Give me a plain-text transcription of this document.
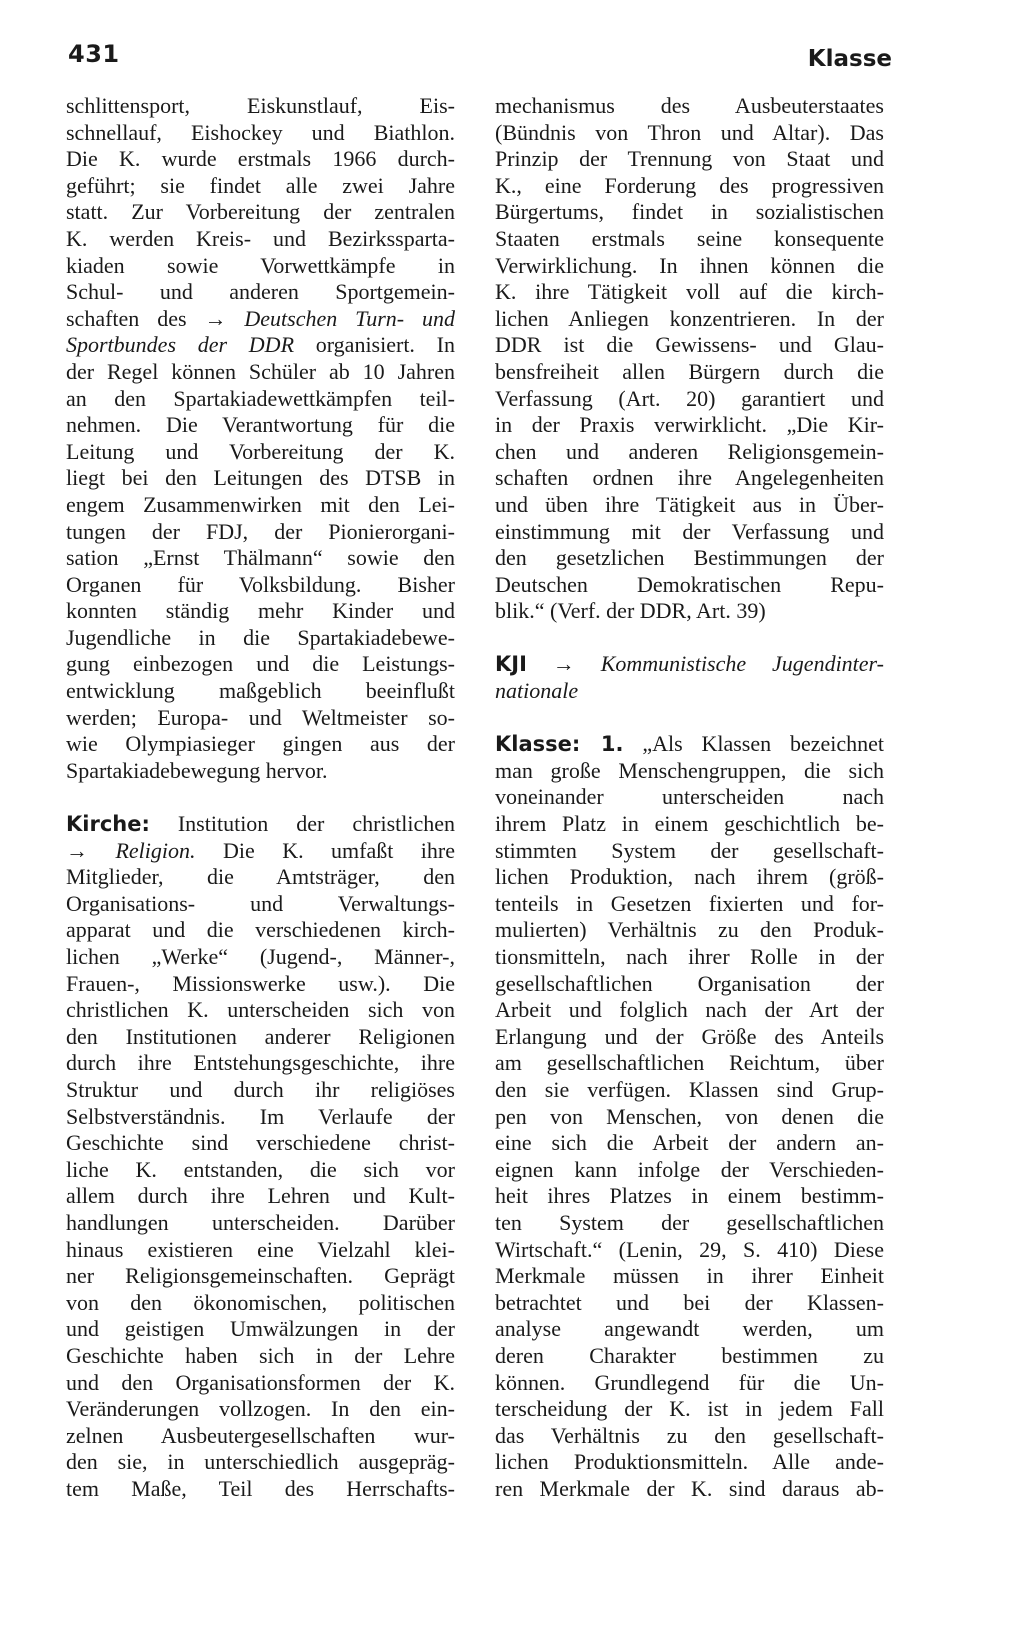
431	Klasse
schlittensport, Eiskunstlauf, Eis-
schnellauf, Eishockey und Biathlon.
Die K. wurde erstmals 1966 durch-
geführt; sie findet alle zwei Jahre
statt. Zur Vorbereitung der zentralen
K. werden Kreis- und Bezirkssparta-
kiaden sowie Vorwettkämpfe in
Schul- und anderen Sportgemein-
schaften des → Deutschen Turn- und
Sportbundes der DDR organisiert. In
der Regel können Schüler ab 10 Jahren
an den Spartakiadewettkämpfen teil-
nehmen. Die Verantwortung für die
Leitung und Vorbereitung der K.
liegt bei den Leitungen des DTSB in
engem Zusammenwirken mit den Lei-
tungen der FDJ, der Pionierorgani-
sation „Ernst Thälmann“ sowie den
Organen für Volksbildung. Bisher
konnten ständig mehr Kinder und
Jugendliche in die Spartakiadebewe-
gung einbezogen und die Leistungs-
entwicklung maßgeblich beeinflußt
werden; Europa- und Weltmeister so-
wie Olympiasieger gingen aus der
Spartakiadebewegung hervor.
Kirche: Institution der christlichen
→ Religion. Die K. umfaßt ihre
Mitglieder, die Amtsträger, den
Organisations- und Verwaltungs-
apparat und die verschiedenen kirch-
lichen „Werke“ (Jugend-, Männer-,
Frauen-, Missionswerke usw.). Die
christlichen K. unterscheiden sich von
den Institutionen anderer Religionen
durch ihre Entstehungsgeschichte, ihre
Struktur und durch ihr religiöses
Selbstverständnis. Im Verlaufe der
Geschichte sind verschiedene christ-
liche K. entstanden, die sich vor
allem durch ihre Lehren und Kult-
handlungen unterscheiden. Darüber
hinaus existieren eine Vielzahl klei-
ner Religionsgemeinschaften. Geprägt
von den ökonomischen, politischen
und geistigen Umwälzungen in der
Geschichte haben sich in der Lehre
und den Organisationsformen der K.
Veränderungen vollzogen. In den ein-
zelnen Ausbeutergesellschaften wur-
den sie, in unterschiedlich ausgepräg-
tem Maße, Teil des Herrschafts-
mechanismus des Ausbeuterstaates
(Bündnis von Thron und Altar). Das
Prinzip der Trennung von Staat und
K., eine Forderung des progressiven
Bürgertums, findet in sozialistischen
Staaten erstmals seine konsequente
Verwirklichung. In ihnen können die
K. ihre Tätigkeit voll auf die kirch-
lichen Anliegen konzentrieren. In der
DDR ist die Gewissens- und Glau-
bensfreiheit allen Bürgern durch die
Verfassung (Art. 20) garantiert und
in der Praxis verwirklicht. „Die Kir-
chen und anderen Religionsgemein-
schaften ordnen ihre Angelegenheiten
und üben ihre Tätigkeit aus in Über-
einstimmung mit der Verfassung und
den gesetzlichen Bestimmungen der
Deutschen Demokratischen Repu-
blik.“ (Verf. der DDR, Art. 39)
KJI → Kommunistische Jugendinter-
nationale
Klasse: 1. „Als Klassen bezeichnet
man große Menschengruppen, die sich
voneinander unterscheiden nach
ihrem Platz in einem geschichtlich be-
stimmten System der gesellschaft-
lichen Produktion, nach ihrem (größ-
tenteils in Gesetzen fixierten und for-
mulierten) Verhältnis zu den Produk-
tionsmitteln, nach ihrer Rolle in der
gesellschaftlichen Organisation der
Arbeit und folglich nach der Art der
Erlangung und der Größe des Anteils
am gesellschaftlichen Reichtum, über
den sie verfügen. Klassen sind Grup-
pen von Menschen, von denen die
eine sich die Arbeit der andern an-
eignen kann infolge der Verschieden-
heit ihres Platzes in einem bestimm-
ten System der gesellschaftlichen
Wirtschaft.“ (Lenin, 29, S. 410) Diese
Merkmale müssen in ihrer Einheit
betrachtet und bei der Klassen-
analyse angewandt werden, um
deren Charakter bestimmen zu
können. Grundlegend für die Un-
terscheidung der K. ist in jedem Fall
das Verhältnis zu den gesellschaft-
lichen Produktionsmitteln. Alle ande-
ren Merkmale der K. sind daraus ab-
